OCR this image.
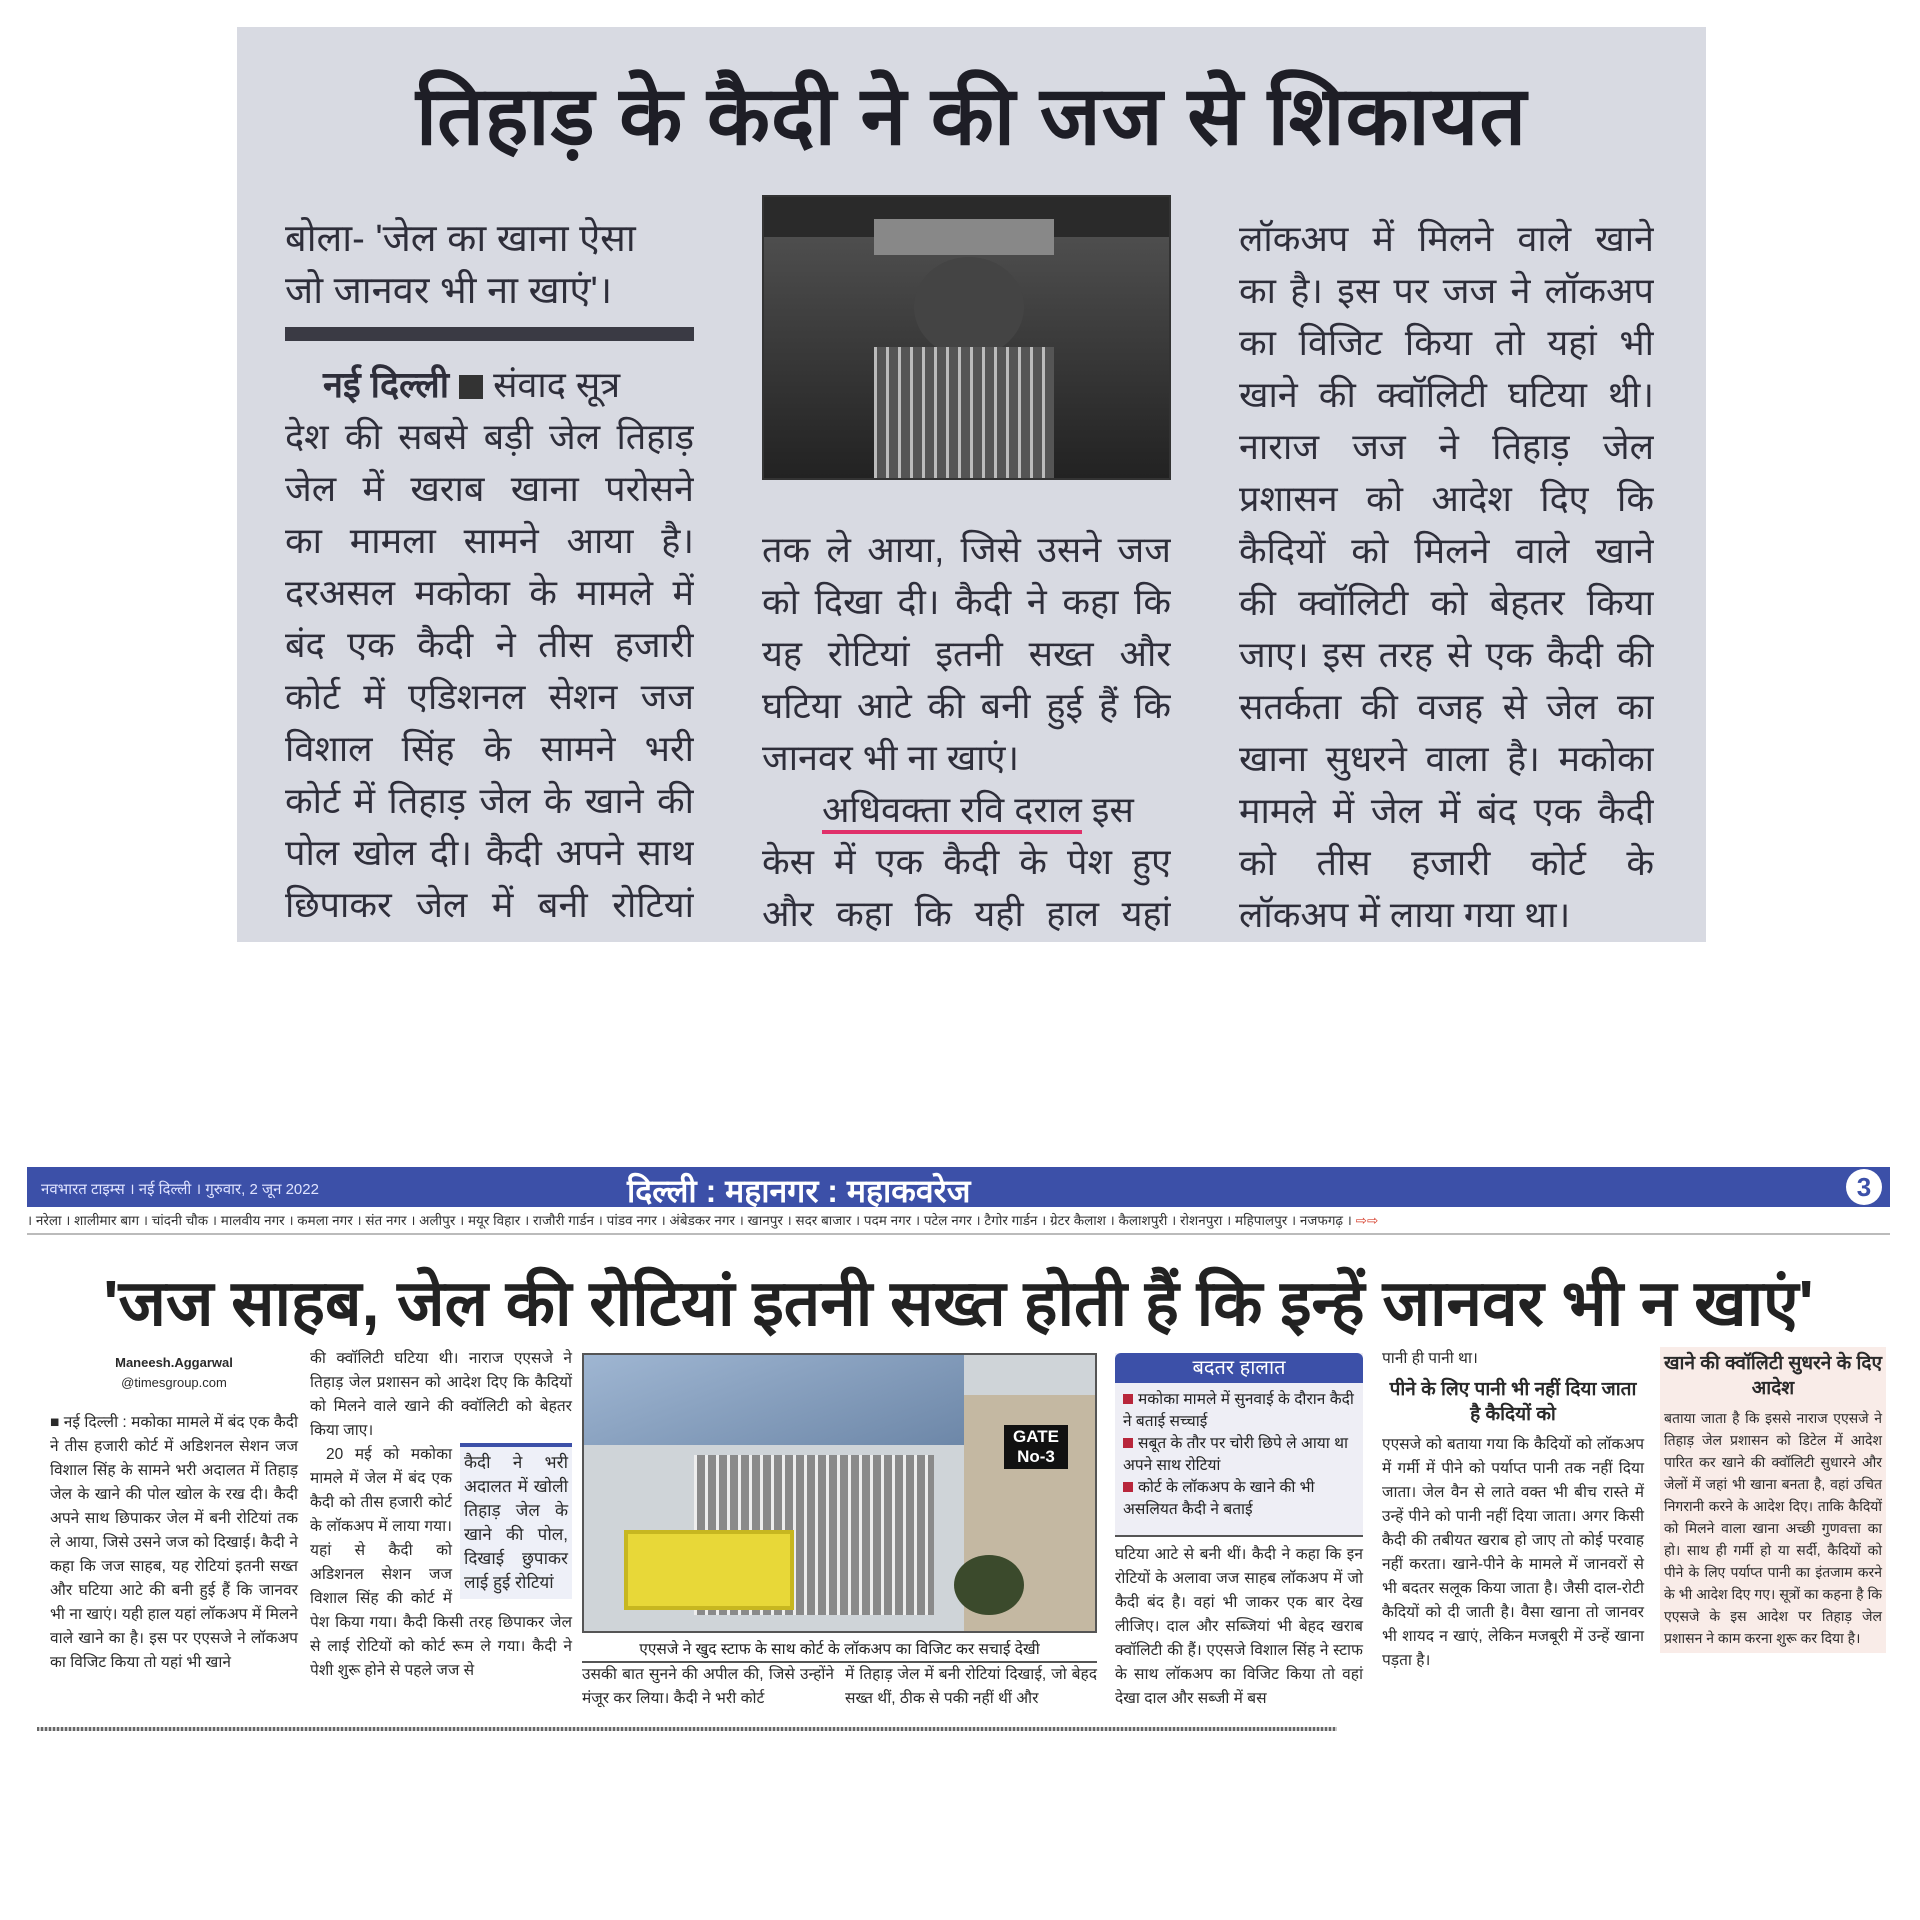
तिहाड़ के कैदी ने की जज से शिकायत
बोला- 'जेल का खाना ऐसा
जो जानवर भी ना खाएं'।
नई दिल्ली संवाद सूत्र
देश की सबसे बड़ी जेल तिहाड़
जेल में खराब खाना परोसने
का मामला सामने आया है।
दरअसल मकोका के मामले में
बंद एक कैदी ने तीस हजारी
कोर्ट में एडिशनल सेशन जज
विशाल सिंह के सामने भरी
कोर्ट में तिहाड़ जेल के खाने की
पोल खोल दी। कैदी अपने साथ
छिपाकर जेल में बनी रोटियां
तक ले आया, जिसे उसने जज
को दिखा दी। कैदी ने कहा कि
यह रोटियां इतनी सख्त और
घटिया आटे की बनी हुई हैं कि
जानवर भी ना खाएं।
अधिवक्ता रवि दराल इस
केस में एक कैदी के पेश हुए
और कहा कि यही हाल यहां
लॉकअप में मिलने वाले खाने
का है। इस पर जज ने लॉकअप
का विजिट किया तो यहां भी
खाने की क्वॉलिटी घटिया थी।
नाराज जज ने तिहाड़ जेल
प्रशासन को आदेश दिए कि
कैदियों को मिलने वाले खाने
की क्वॉलिटी को बेहतर किया
जाए। इस तरह से एक कैदी की
सतर्कता की वजह से जेल का
खाना सुधरने वाला है। मकोका
मामले में जेल में बंद एक कैदी
को तीस हजारी कोर्ट के
लॉकअप में लाया गया था।
नवभारत टाइम्स । नई दिल्ली । गुरुवार, 2 जून 2022	दिल्ली : महानगर : महाकवरेज	3
। नरेला । शालीमार बाग । चांदनी चौक । मालवीय नगर । कमला नगर । संत नगर । अलीपुर । मयूर विहार । राजौरी गार्डन । पांडव नगर । अंबेडकर नगर । खानपुर । सदर बाजार । पदम नगर । पटेल नगर । टैगोर गार्डन । ग्रेटर कैलाश । कैलाशपुरी । रोशनपुरा । महिपालपुर । नजफगढ़ । ⇨⇨
'जज साहब, जेल की रोटियां इतनी सख्त होती हैं कि इन्हें जानवर भी न खाएं'
Maneesh.Aggarwal
@timesgroup.com

■ नई दिल्ली : मकोका मामले में बंद एक कैदी ने तीस हजारी कोर्ट में अडिशनल सेशन जज विशाल सिंह के सामने भरी अदालत में तिहाड़ जेल के खाने की पोल खोल के रख दी। कैदी अपने साथ छिपाकर जेल में बनी रोटियां तक ले आया, जिसे उसने जज को दिखाई। कैदी ने कहा कि जज साहब, यह रोटियां इतनी सख्त और घटिया आटे की बनी हुई हैं कि जानवर भी ना खाएं। यही हाल यहां लॉकअप में मिलने वाले खाने का है। इस पर एएसजे ने लॉकअप का विजिट किया तो यहां भी खाने

की क्वॉलिटी घटिया थी। नाराज एएसजे ने तिहाड़ जेल प्रशासन को आदेश दिए कि कैदियों को मिलने वाले खाने की क्वॉलिटी को बेहतर किया जाए।

कैदी ने भरी अदालत में खोली तिहाड़ जेल के खाने की पोल, दिखाई छुपाकर लाई हुई रोटियां

20 मई को मकोका मामले में जेल में बंद एक कैदी को तीस हजारी कोर्ट के लॉकअप में लाया गया। यहां से कैदी को अडिशनल सेशन जज विशाल सिंह की कोर्ट में पेश किया गया। कैदी किसी तरह छिपाकर जेल से लाई रोटियों को कोर्ट रूम ले गया। कैदी ने पेशी शुरू होने से पहले जज से

GATE No-3
एएसजे ने खुद स्टाफ के साथ कोर्ट के लॉकअप का विजिट कर सचाई देखी
उसकी बात सुनने की अपील की, जिसे उन्होंने मंजूर कर लिया। कैदी ने भरी कोर्ट
में तिहाड़ जेल में बनी रोटियां दिखाई, जो बेहद सख्त थीं, ठीक से पकी नहीं थीं और
बदतर हालात
मकोका मामले में सुनवाई के दौरान कैदी ने बताई सच्चाई
सबूत के तौर पर चोरी छिपे ले आया था अपने साथ रोटियां
कोर्ट के लॉकअप के खाने की भी असलियत कैदी ने बताई
घटिया आटे से बनी थीं। कैदी ने कहा कि इन रोटियों के अलावा जज साहब लॉकअप में जो कैदी बंद है। वहां भी जाकर एक बार देख लीजिए। दाल और सब्जियां भी बेहद खराब क्वॉलिटी की हैं। एएसजे विशाल सिंह ने स्टाफ के साथ लॉकअप का विजिट किया तो वहां देखा दाल और सब्जी में बस

पानी ही पानी था।

पीने के लिए पानी भी नहीं दिया जाता है कैदियों को

एएसजे को बताया गया कि कैदियों को लॉकअप में गर्मी में पीने को पर्याप्त पानी तक नहीं दिया जाता। जेल वैन से लाते वक्त भी बीच रास्ते में उन्हें पीने को पानी नहीं दिया जाता। अगर किसी कैदी की तबीयत खराब हो जाए तो कोई परवाह नहीं करता। खाने-पीने के मामले में जानवरों से भी बदतर सलूक किया जाता है। जैसी दाल-रोटी कैदियों को दी जाती है। वैसा खाना तो जानवर भी शायद न खाएं, लेकिन मजबूरी में उन्हें खाना पड़ता है।

खाने की क्वॉलिटी सुधरने के दिए आदेश

बताया जाता है कि इससे नाराज एएसजे ने तिहाड़ जेल प्रशासन को डिटेल में आदेश पारित कर खाने की क्वॉलिटी सुधारने और जेलों में जहां भी खाना बनता है, वहां उचित निगरानी करने के आदेश दिए। ताकि कैदियों को मिलने वाला खाना अच्छी गुणवत्ता का हो। साथ ही गर्मी हो या सर्दी, कैदियों को पीने के लिए पर्याप्त पानी का इंतजाम करने के भी आदेश दिए गए। सूत्रों का कहना है कि एएसजे के इस आदेश पर तिहाड़ जेल प्रशासन ने काम करना शुरू कर दिया है।
